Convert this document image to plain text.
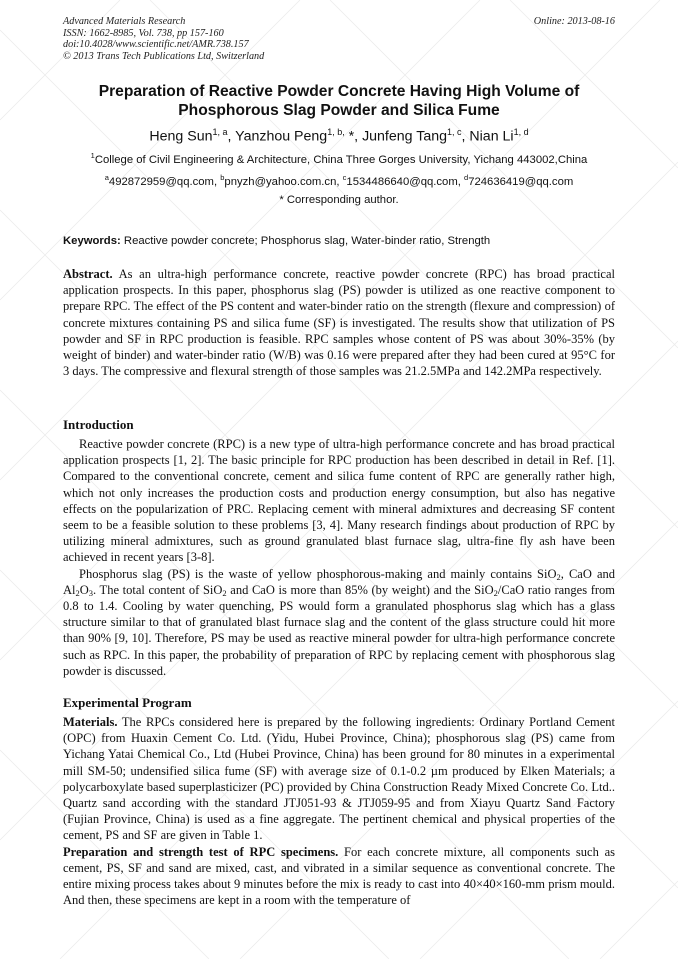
Advanced Materials Research
ISSN: 1662-8985, Vol. 738, pp 157-160
doi:10.4028/www.scientific.net/AMR.738.157
© 2013 Trans Tech Publications Ltd, Switzerland
Online: 2013-08-16
Preparation of Reactive Powder Concrete Having High Volume of
Phosphorous Slag Powder and Silica Fume
Heng Sun$^{1, a}$, Yanzhou Peng$^{1, b,}$ *, Junfeng Tang$^{1, c}$, Nian Li$^{1, d}$
$^1$College of Civil Engineering & Architecture, China Three Gorges University, Yichang 443002,China
$^a$492872959@qq.com, $^b$pnyzh@yahoo.com.cn, $^c$1534486640@qq.com, $^d$724636419@qq.com
* Corresponding author.
Keywords: Reactive powder concrete; Phosphorus slag, Water-binder ratio, Strength

Abstract. As an ultra-high performance concrete, reactive powder concrete (RPC) has broad practical application prospects. In this paper, phosphorus slag (PS) powder is utilized as one reactive component to prepare RPC. The effect of the PS content and water-binder ratio on the strength (flexure and compression) of concrete mixtures containing PS and silica fume (SF) is investigated. The results show that utilization of PS powder and SF in RPC production is feasible. RPC samples whose content of PS was about 30%-35% (by weight of binder) and water-binder ratio (W/B) was 0.16 were prepared after they had been cured at 95°C for 3 days. The compressive and flexural strength of those samples was 21.2.5MPa and 142.2MPa respectively.

Introduction

Reactive powder concrete (RPC) is a new type of ultra-high performance concrete and has broad practical application prospects [1, 2]. The basic principle for RPC production has been described in detail in Ref. [1]. Compared to the conventional concrete, cement and silica fume content of RPC are generally rather high, which not only increases the production costs and production energy consumption, but also has negative effects on the popularization of PRC. Replacing cement with mineral admixtures and decreasing SF content seem to be a feasible solution to these problems [3, 4]. Many research findings about production of RPC by utilizing mineral admixtures, such as ground granulated blast furnace slag, ultra-fine fly ash have been achieved in recent years [3-8].

Phosphorus slag (PS) is the waste of yellow phosphorous-making and mainly contains SiO$_2$, CaO and $Al_2O_3$. The total content of SiO$_2$ and CaO is more than 85% (by weight) and the SiO$_2$/CaO ratio ranges from 0.8 to 1.4. Cooling by water quenching, PS would form a granulated phosphorus slag which has a glass structure similar to that of granulated blast furnace slag and the content of the glass structure could hit more than 90% [9, 10]. Therefore, PS may be used as reactive mineral powder for ultra-high performance concrete such as RPC. In this paper, the probability of preparation of RPC by replacing cement with phosphorous slag powder is discussed.

Experimental Program

Materials. The RPCs considered here is prepared by the following ingredients: Ordinary Portland Cement (OPC) from Huaxin Cement Co. Ltd. (Yidu, Hubei Province, China); phosphorous slag (PS) came from Yichang Yatai Chemical Co., Ltd (Hubei Province, China) has been ground for 80 minutes in a experimental mill SM-50; undensified silica fume (SF) with average size of 0.1-0.2 µm produced by Elken Materials; a polycarboxylate based superplasticizer (PC) provided by China Construction Ready Mixed Concrete Co. Ltd.. Quartz sand according with the standard JTJ051-93 & JTJ059-95 and from Xiayu Quartz Sand Factory (Fujian Province, China) is used as a fine aggregate. The pertinent chemical and physical properties of the cement, PS and SF are given in Table 1.

Preparation and strength test of RPC specimens. For each concrete mixture, all components such as cement, PS, SF and sand are mixed, cast, and vibrated in a similar sequence as conventional concrete. The entire mixing process takes about 9 minutes before the mix is ready to cast into 40×40×160-mm prism mould. And then, these specimens are kept in a room with the temperature of
